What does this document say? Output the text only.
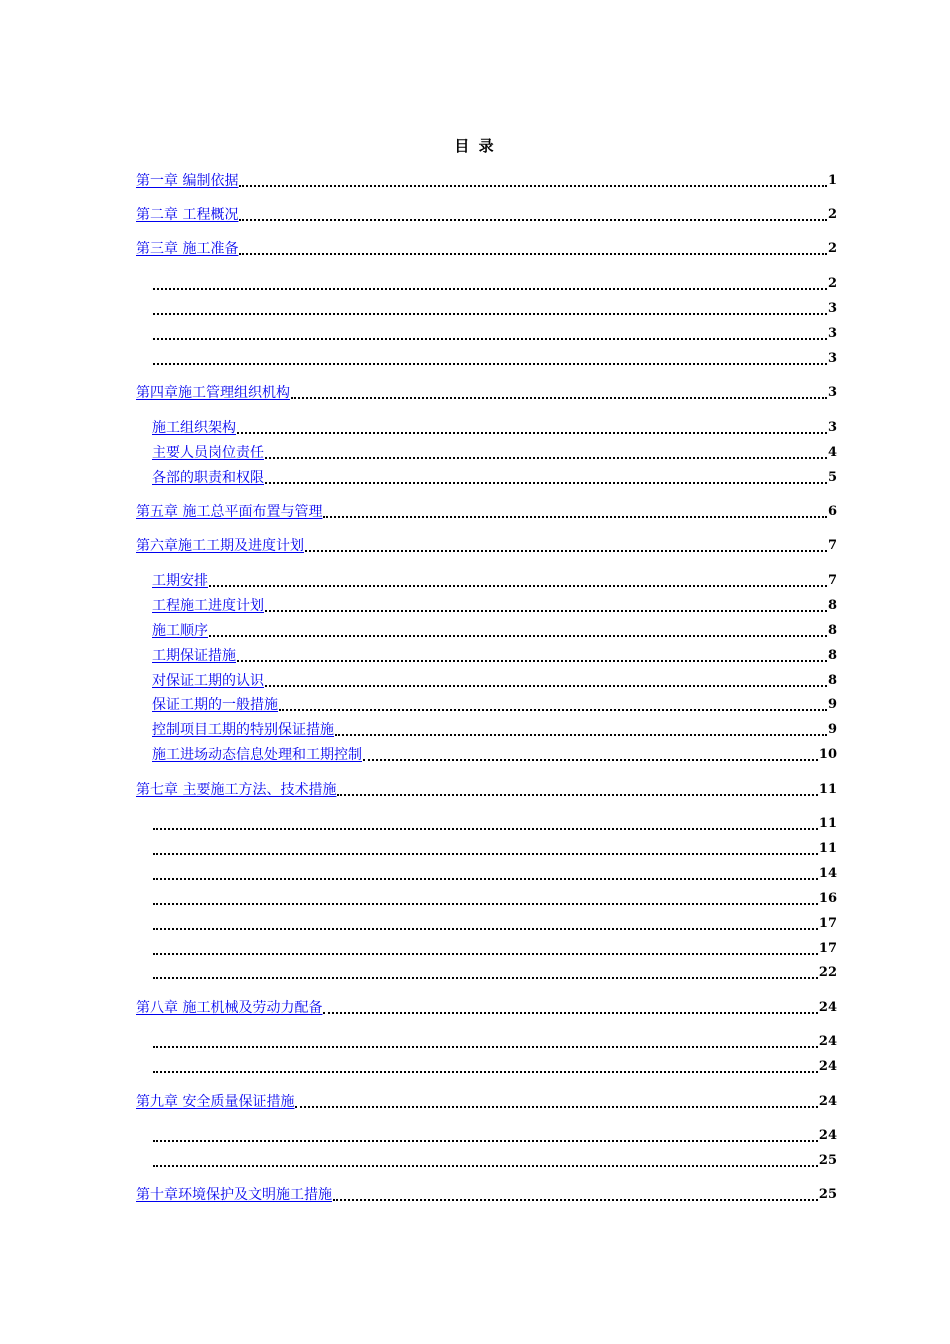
目 录
第一章 编制依据	1
第二章 工程概况	2
第三章 施工准备	2
2
3
3
3
第四章施工管理组织机构	3
施工组织架构	3
主要人员岗位责任	4
各部的职责和权限	5
第五章 施工总平面布置与管理	6
第六章施工工期及进度计划	7
工期安排	7
工程施工进度计划	8
施工顺序	8
工期保证措施	8
对保证工期的认识	8
保证工期的一般措施	9
控制项目工期的特别保证措施	9
施工进场动态信息处理和工期控制	10
第七章 主要施工方法、技术措施	11
11
11
14
16
17
17
22
第八章 施工机械及劳动力配备	24
24
24
第九章 安全质量保证措施	24
24
25
第十章环境保护及文明施工措施	25
